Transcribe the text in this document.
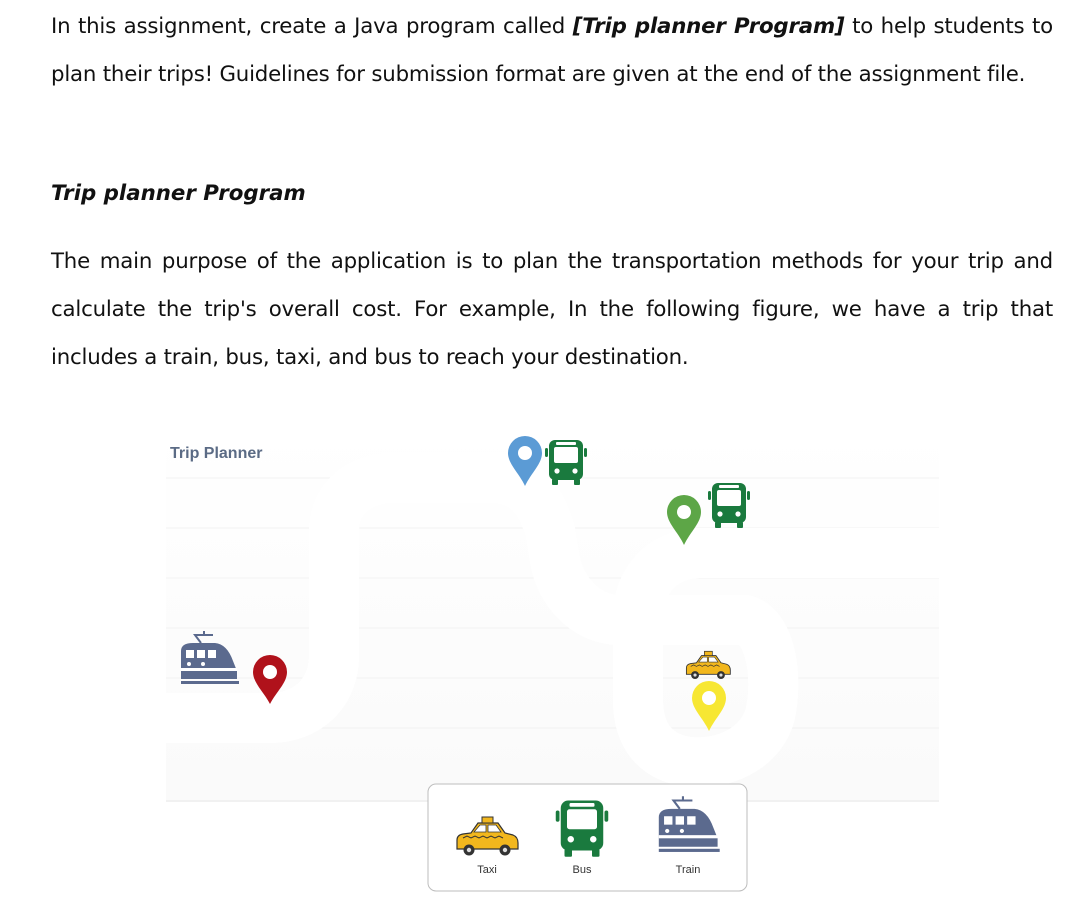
In this assignment, create a Java program called [Trip planner Program] to help students to plan their trips! Guidelines for submission format are given at the end of the assignment file.
Trip planner Program
The main purpose of the application is to plan the transportation methods for your trip and calculate the trip's overall cost. For example, In the following figure, we have a trip that includes a train, bus, taxi, and bus to reach your destination.
Trip Planner
Taxi	Bus	Train
